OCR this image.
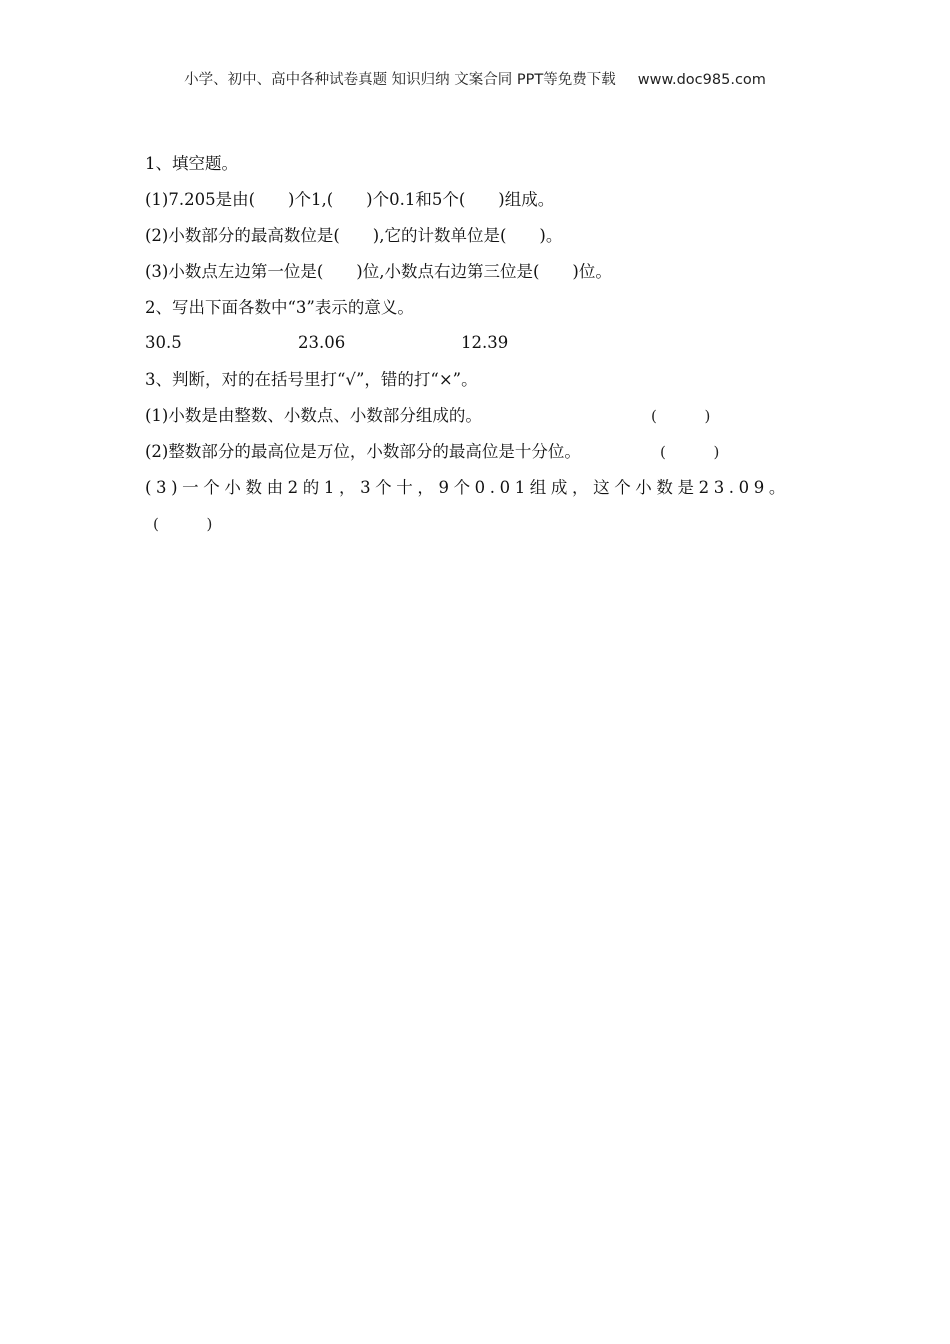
小学、初中、高中各种试卷真题 知识归纳 文案合同 PPT等免费下载 www.doc985.com
1、填空题。
(1)7.205是由(　　)个1,(　　)个0.1和5个(　　)组成。
(2)小数部分的最高数位是(　　),它的计数单位是(　　)。
(3)小数点左边第一位是(　　)位,小数点右边第三位是(　　)位。
2、写出下面各数中“3”表示的意义。
30.5	23.06	12.39
3、判断，对的在括号里打“√”，错的打“×”。
(1)小数是由整数、小数点、小数部分组成的。	(          )
(2)整数部分的最高位是万位，小数部分的最高位是十分位。	(          )
(3)一个小数由2的1，3个十，9个0.01组成，这个小数是23.09。
(          )
